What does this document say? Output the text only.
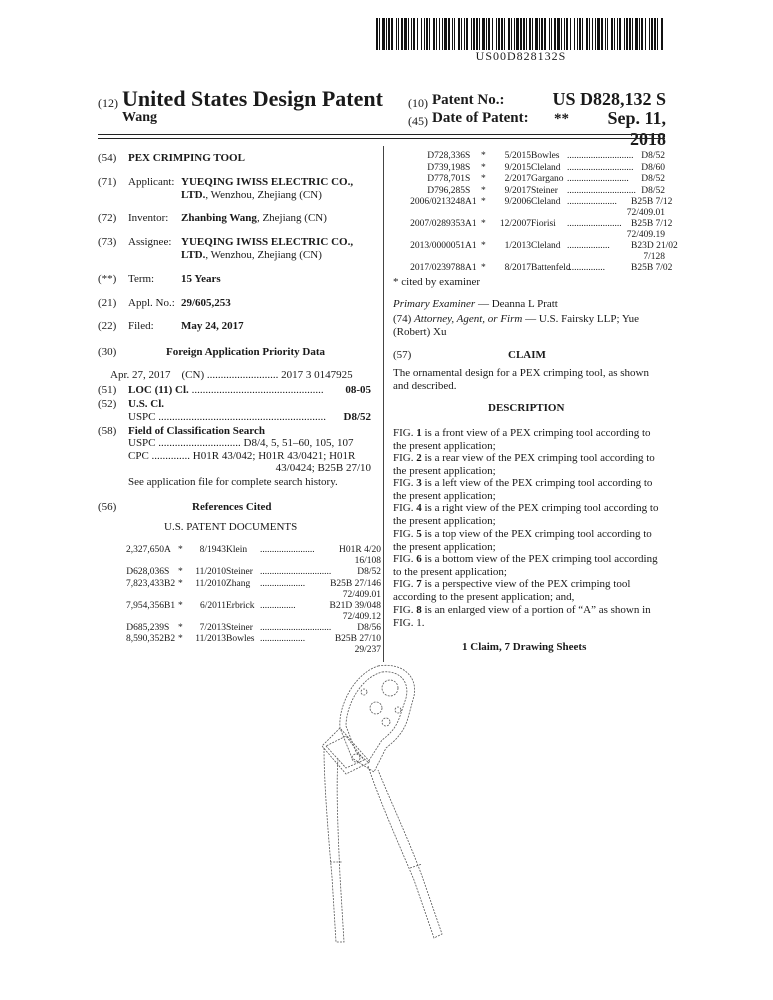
US00D828132S
(12) United States Design Patent
Wang
(10) Patent No.:	US D828,132 S
(45) Date of Patent: **	Sep. 11, 2018
(54) PEX CRIMPING TOOL
(71) Applicant: YUEQING IWISS ELECTRIC CO., LTD., Wenzhou, Zhejiang (CN)
(72) Inventor: Zhanbing Wang, Zhejiang (CN)
(73) Assignee: YUEQING IWISS ELECTRIC CO., LTD., Wenzhou, Zhejiang (CN)
(**) Term: 15 Years
(21) Appl. No.: 29/605,253
(22) Filed: May 24, 2017
(30)	Foreign Application Priority Data
Apr. 27, 2017 (CN) .......................... 2017 3 0147925
(51) LOC (11) Cl. ................................................	08-05
(52) U.S. Cl.
USPC .............................................................	D8/52
(58) Field of Classification Search
USPC .............................. D8/4, 5, 51–60, 105, 107
CPC .............. H01R 43/042; H01R 43/0421; H01R
43/0424; B25B 27/10
See application file for complete search history.
(56)	References Cited
U.S. PATENT DOCUMENTS
2,327,650 A *	8/1943 Klein	.......................	H01R 4/20
16/108
D628,036 S *	11/2010 Steiner ..............................	D8/52
7,823,433 B2 *	11/2010 Zhang	...................	B25B 27/146
72/409.01
7,954,356 B1 *	6/2011 Erbrick ...............	B21D 39/048
72/409.12
D685,239 S *	7/2013 Steiner ..............................	D8/56
8,590,352 B2 *	11/2013 Bowles ...................	B25B 27/10
29/237
D728,336 S	*	5/2015 Bowles ............................ D8/52
D739,198 S	*	9/2015 Cleland ............................ D8/60
D778,701 S	*	2/2017 Gargano ..........................	D8/52
D796,285 S	*	9/2017 Steiner ............................. D8/52
2006/0213248 A1 *	9/2006 Cleland .....................	B25B 7/12
72/409.01
2007/0289353 A1 *	12/2007 Fiorisi	....................... B25B 7/12
72/409.19
2013/0000051 A1 *	1/2013 Cleland ..................	B23D 21/02
7/128
2017/0239788 A1 *	8/2017 Battenfeld
................	B25B 7/02
* cited by examiner
Primary Examiner — Deanna L Pratt
(74) Attorney, Agent, or Firm — U.S. Fairsky LLP; Yue (Robert) Xu
(57)	CLAIM
The ornamental design for a PEX crimping tool, as shown and described.
DESCRIPTION
FIG. 1 is a front view of a PEX crimping tool according to the present application;
FIG. 2 is a rear view of the PEX crimping tool according to the present application;
FIG. 3 is a left view of the PEX crimping tool according to the present application;
FIG. 4 is a right view of the PEX crimping tool according to the present application;
FIG. 5 is a top view of the PEX crimping tool according to the present application;
FIG. 6 is a bottom view of the PEX crimping tool according to the present application;
FIG. 7 is a perspective view of the PEX crimping tool according to the present application; and,
FIG. 8 is an enlarged view of a portion of “A” as shown in FIG. 1.
1 Claim, 7 Drawing Sheets
